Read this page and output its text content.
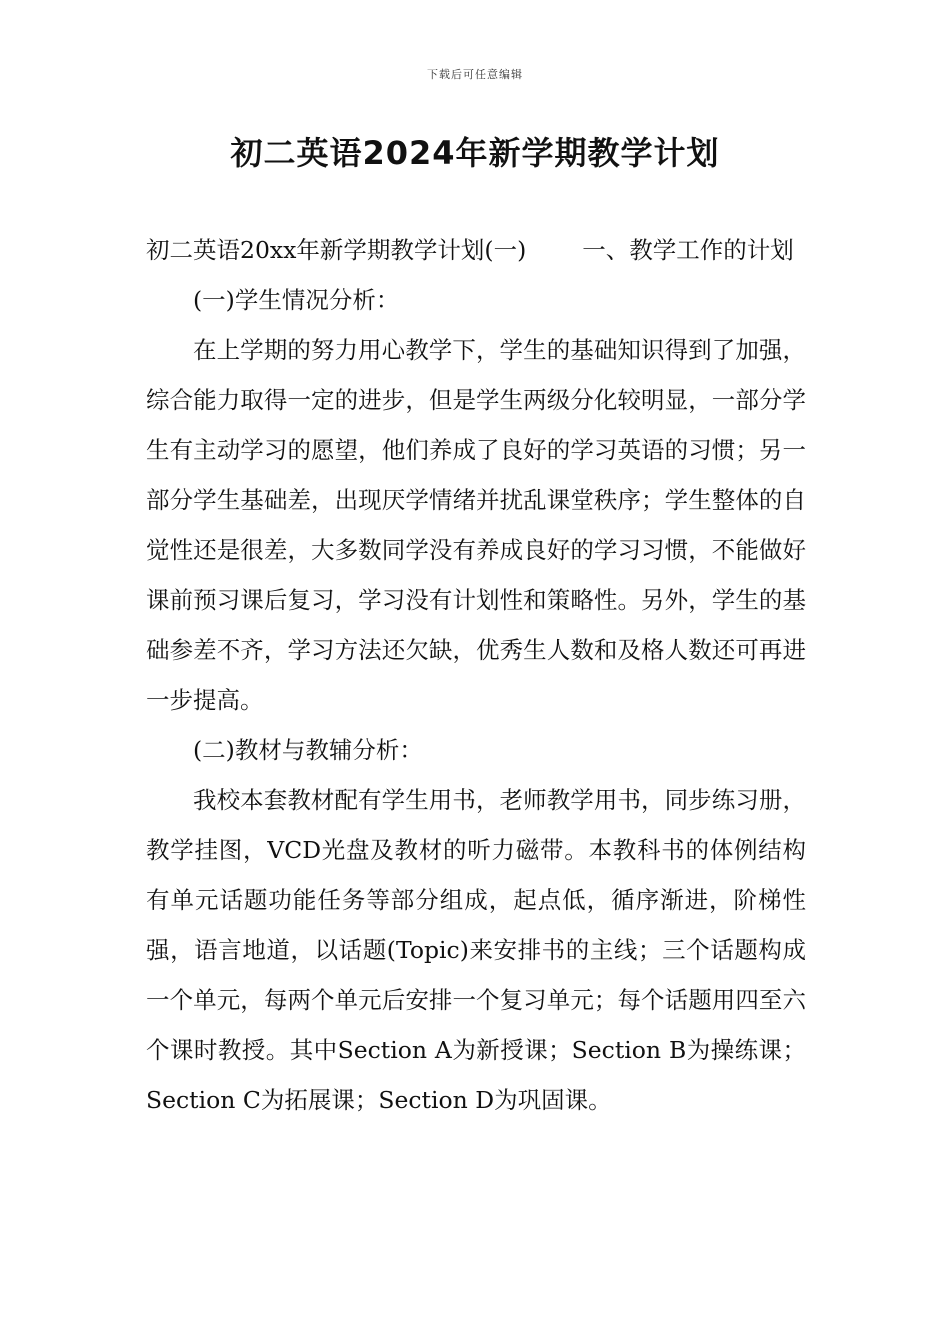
下载后可任意编辑
初二英语2024年新学期教学计划

初二英语20xx年新学期教学计划(一) 一、教学工作的计划

(一)学生情况分析：

在上学期的努力用心教学下，学生的基础知识得到了加强，综合能力取得一定的进步，但是学生两级分化较明显，一部分学生有主动学习的愿望，他们养成了良好的学习英语的习惯；另一部分学生基础差，出现厌学情绪并扰乱课堂秩序；学生整体的自觉性还是很差，大多数同学没有养成良好的学习习惯，不能做好课前预习课后复习，学习没有计划性和策略性。另外，学生的基础参差不齐，学习方法还欠缺，优秀生人数和及格人数还可再进一步提高。

(二)教材与教辅分析：

我校本套教材配有学生用书，老师教学用书，同步练习册，教学挂图，VCD光盘及教材的听力磁带。本教科书的体例结构有单元话题功能任务等部分组成，起点低，循序渐进，阶梯性强，语言地道，以话题(Topic)来安排书的主线；三个话题构成一个单元，每两个单元后安排一个复习单元；每个话题用四至六个课时教授。其中Section A为新授课；Section B为操练课；Section C为拓展课；Section D为巩固课。
